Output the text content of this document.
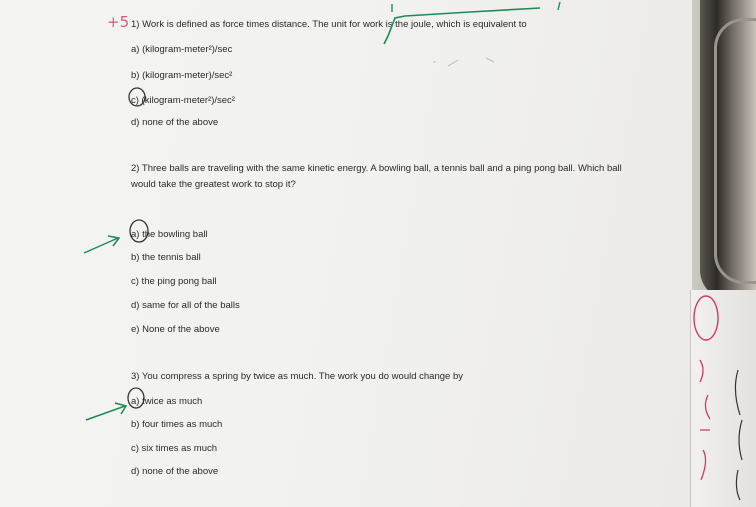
+5 1) Work is defined as force times distance. The unit for work is the joule, which is equivalent to
a) (kilogram-meter²)/sec
b) (kilogram-meter)/sec²
c) (kilogram-meter²)/sec²
d) none of the above
2) Three balls are traveling with the same kinetic energy. A bowling ball, a tennis ball and a ping pong ball. Which ball would take the greatest work to stop it?
a) the bowling ball
b) the tennis ball
c) the ping pong ball
d) same for all of the balls
e) None of the above
3) You compress a spring by twice as much. The work you do would change by
a) twice as much
b) four times as much
c) six times as much
d) none of the above
